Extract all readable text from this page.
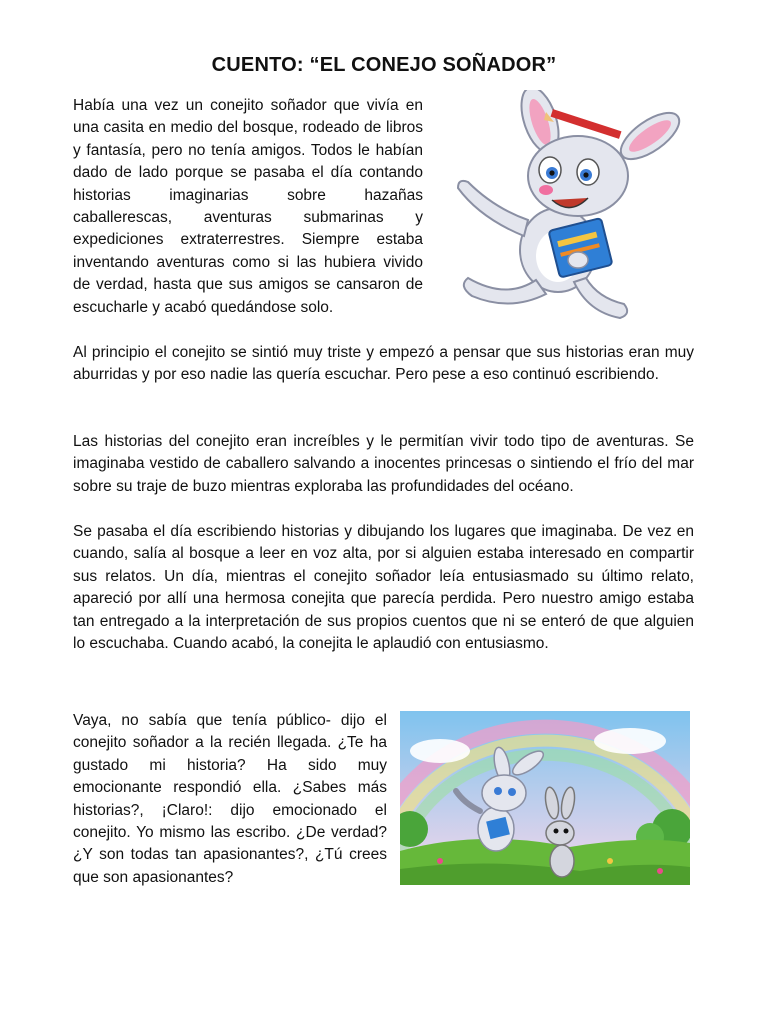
CUENTO: “EL CONEJO SOÑADOR”

Había una vez un conejito soñador que vivía en una casita en medio del bosque, rodeado de libros y fantasía, pero no tenía amigos. Todos le habían dado de lado porque se pasaba el día contando historias imaginarias sobre hazañas caballerescas, aventuras submarinas y expediciones extraterrestres. Siempre estaba inventando aventuras como si las hubiera vivido de verdad, hasta que sus amigos se cansaron de escucharle y acabó quedándose solo.

Al principio el conejito se sintió muy triste y empezó a pensar que sus historias eran muy aburridas y por eso nadie las quería escuchar. Pero pese a eso continuó escribiendo.

Las historias del conejito eran increíbles y le permitían vivir todo tipo de aventuras. Se imaginaba vestido de caballero salvando a inocentes princesas o sintiendo el frío del mar sobre su traje de buzo mientras exploraba las profundidades del océano.

Se pasaba el día escribiendo historias y dibujando los lugares que imaginaba. De vez en cuando, salía al bosque a leer en voz alta, por si alguien estaba interesado en compartir sus relatos. Un día, mientras el conejito soñador leía entusiasmado su último relato, apareció por allí una hermosa conejita que parecía perdida. Pero nuestro amigo estaba tan entregado a la interpretación de sus propios cuentos que ni se enteró de que alguien lo escuchaba. Cuando acabó, la conejita le aplaudió con entusiasmo.

Vaya, no sabía que tenía público- dijo el conejito soñador a la recién llegada. ¿Te ha gustado mi historia? Ha sido muy emocionante respondió ella. ¿Sabes más historias?, ¡Claro!: dijo emocionado el conejito. Yo mismo las escribo. ¿De verdad? ¿Y son todas tan apasionantes?, ¿Tú crees que son apasionantes?
